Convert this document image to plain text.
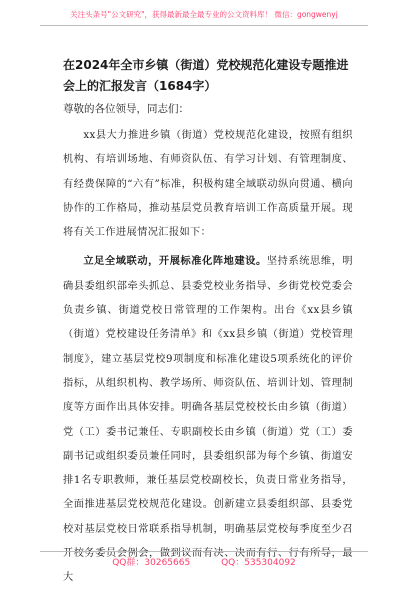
关注头条号"公文研究"，获得最新最全最专业的公文资料库！ 微信：gongwenyj

在2024年全市乡镇（街道）党校规范化建设专题推进会上的汇报发言（1684字）

尊敬的各位领导，同志们：

xx县大力推进乡镇（街道）党校规范化建设，按照有组织机构、有培训场地、有师资队伍、有学习计划、有管理制度、有经费保障的“六有”标准，积极构建全域联动纵向贯通、横向协作的工作格局，推动基层党员教育培训工作高质量开展。现将有关工作进展情况汇报如下：

立足全域联动，开展标准化阵地建设。坚持系统思维，明确县委组织部牵头抓总、县委党校业务指导、乡街党校党委会负责乡镇、街道党校日常管理的工作架构。出台《xx县乡镇（街道）党校建设任务清单》和《xx县乡镇（街道）党校管理制度》，建立基层党校9项制度和标准化建设5项系统化的评价指标，从组织机构、教学场所、师资队伍、培训计划、管理制度等方面作出具体安排。明确各基层党校校长由乡镇（街道）党（工）委书记兼任、专职副校长由乡镇（街道）党（工）委副书记或组织委员兼任同时，县委组织部为每个乡镇、街道安排1名专职教师，兼任基层党校副校长，负责日常业务指导，全面推进基层党校规范化建设。创新建立县委组织部、县委党校对基层党校日常联系指导机制，明确基层党校每季度至少召开校务委员会例会，做到议而有决、决而有行、行有所导，最大

QQ群：30265665	QQ：535304092
